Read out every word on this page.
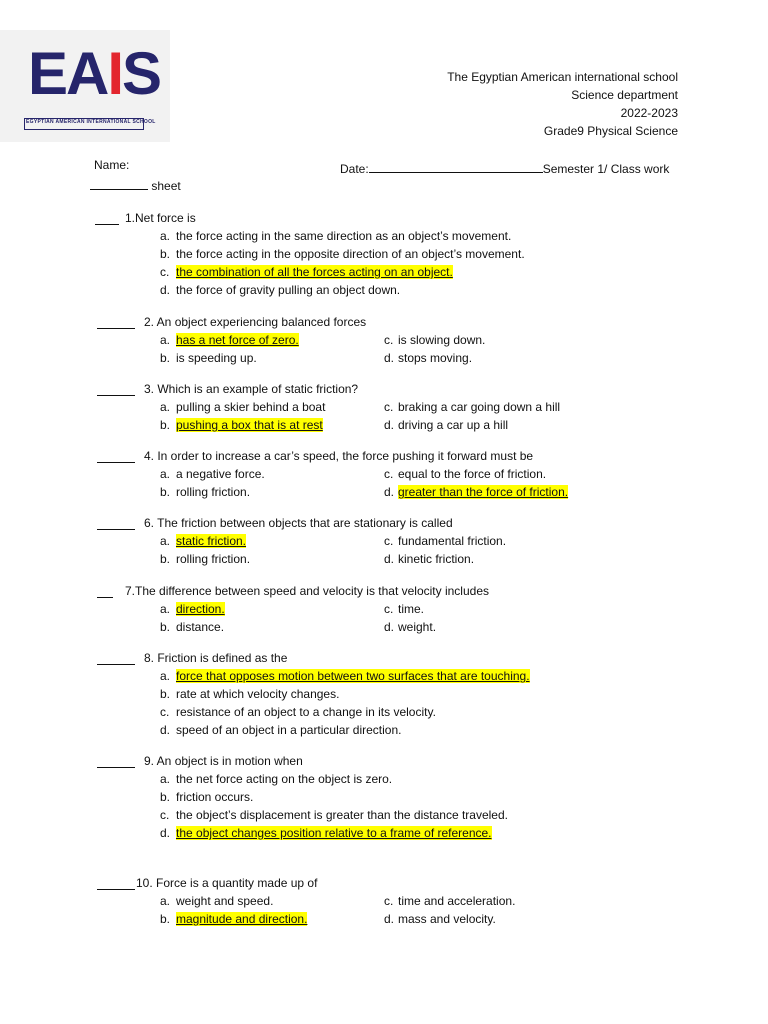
EAIS
EGYPTIAN AMERICAN INTERNATIONAL SCHOOL
The Egyptian American international school
Science department
2022-2023
Grade9 Physical Science
Name:	Date:	Semester 1/ Class work
sheet
1.Net force is
a. the force acting in the same direction as an object’s movement.
b. the force acting in the opposite direction of an object’s movement.
c. the combination of all the forces acting on an object.
d. the force of gravity pulling an object down.
2. An object experiencing balanced forces
a. has a net force of zero.	c. is slowing down.
b. is speeding up.	d. stops moving.
3. Which is an example of static friction?
a. pulling a skier behind a boat	c. braking a car going down a hill
b. pushing a box that is at rest	d. driving a car up a hill
4. In order to increase a car’s speed, the force pushing it forward must be
a. a negative force.	c. equal to the force of friction.
b. rolling friction.	d. greater than the force of friction.
6. The friction between objects that are stationary is called
a. static friction.	c. fundamental friction.
b. rolling friction.	d. kinetic friction.
7.The difference between speed and velocity is that velocity includes
a. direction.	c. time.
b. distance.	d. weight.
8. Friction is defined as the
a. force that opposes motion between two surfaces that are touching.
b. rate at which velocity changes.
c. resistance of an object to a change in its velocity.
d. speed of an object in a particular direction.
9. An object is in motion when
a. the net force acting on the object is zero.
b. friction occurs.
c. the object’s displacement is greater than the distance traveled.
d. the object changes position relative to a frame of reference.
10. Force is a quantity made up of
a. weight and speed.	c. time and acceleration.
b. magnitude and direction.	d. mass and velocity.
